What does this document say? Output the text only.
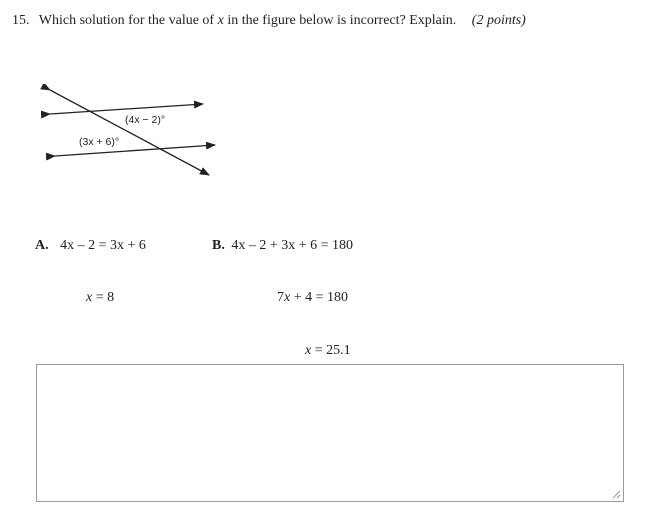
15. Which solution for the value of x in the figure below is incorrect? Explain. (2 points)
(4x − 2)°
(3x + 6)°
A. 4x – 2 = 3x + 6	B. 4x – 2 + 3x + 6 = 180
x = 8	7x + 4 = 180
x = 25.1
